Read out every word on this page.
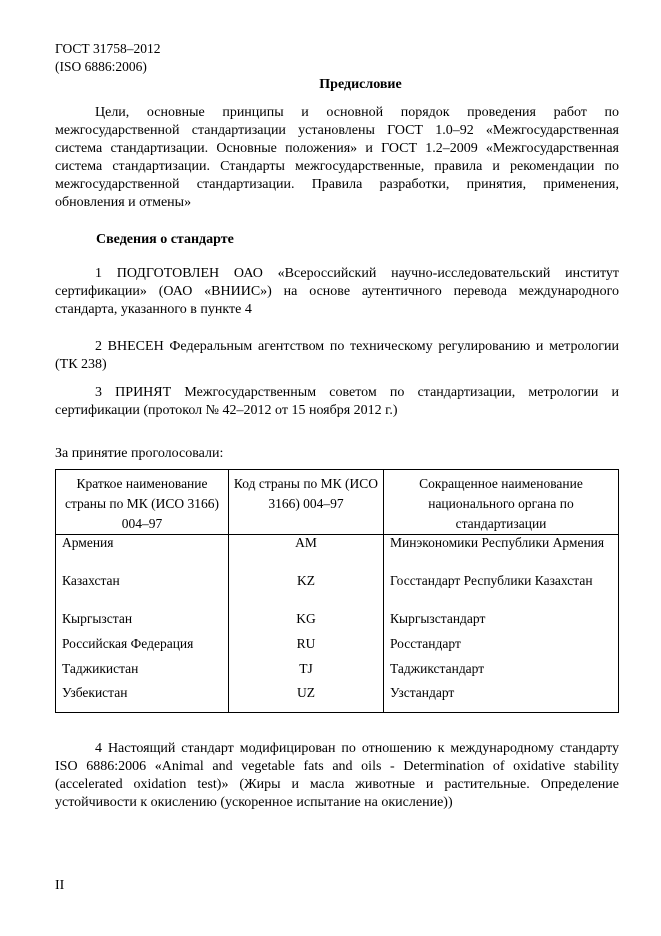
ГОСТ 31758–2012
(ISO 6886:2006)
Предисловие

Цели, основные принципы и основной порядок проведения работ по межгосударственной стандартизации установлены ГОСТ 1.0–92 «Межгосударственная система стандартизации. Основные положения» и ГОСТ 1.2–2009 «Межгосударственная система стандартизации. Стандарты межгосударственные, правила и рекомендации по межгосударственной стандартизации. Правила разработки, принятия, применения, обновления и отмены»

Сведения о стандарте

1 ПОДГОТОВЛЕН ОАО «Всероссийский научно-исследовательский институт сертификации» (ОАО «ВНИИС») на основе аутентичного перевода международного стандарта, указанного в пункте 4

2 ВНЕСЕН Федеральным агентством по техническому регулированию и метрологии (ТК 238)

3 ПРИНЯТ Межгосударственным советом по стандартизации, метрологии и сертификации (протокол № 42–2012 от 15 ноября 2012 г.)

За принятие проголосовали:
Краткое наименование страны по МК (ИСО 3166) 004–97	Код страны по МК (ИСО 3166) 004–97	Сокращенное наименование национального органа по стандартизации
Армения	AM	Минэкономики Республики Армения
Казахстан	KZ	Госстандарт Республики Казахстан
Кыргызстан	KG	Кыргызстандарт
Российская Федерация	RU	Росстандарт
Таджикистан	TJ	Таджикстандарт
Узбекистан	UZ	Узстандарт

4 Настоящий стандарт модифицирован по отношению к международному стандарту ISO 6886:2006 «Animal and vegetable fats and oils - Determination of oxidative stability (accelerated oxidation test)» (Жиры и масла животные и растительные. Определение устойчивости к окислению (ускоренное испытание на окисление))

II
